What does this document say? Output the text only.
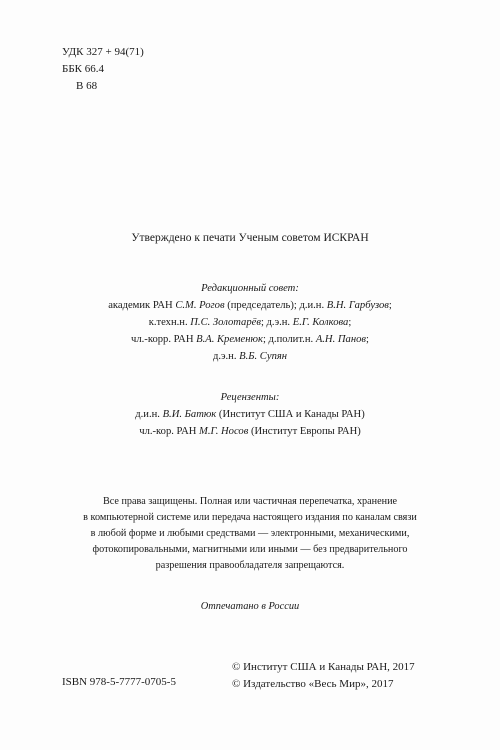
УДК 327 + 94(71)
ББК 66.4
В 68
Утверждено к печати Ученым советом ИСКРАН
Редакционный совет:
академик РАН С.М. Рогов (председатель); д.и.н. В.Н. Гарбузов;
к.техн.н. П.С. Золотарёв; д.э.н. Е.Г. Колкова;
чл.-корр. РАН В.А. Кременюк; д.полит.н. А.Н. Панов;
д.э.н. В.Б. Супян
Рецензенты:
д.и.н. В.И. Батюк (Институт США и Канады РАН)
чл.-кор. РАН М.Г. Носов (Институт Европы РАН)
Все права защищены. Полная или частичная перепечатка, хранение
в компьютерной системе или передача настоящего издания по каналам связи
в любой форме и любыми средствами — электронными, механическими,
фотокопировальными, магнитными или иными — без предварительного
разрешения правообладателя запрещаются.
Отпечатано в России
ISBN 978-5-7777-0705-5
© Институт США и Канады РАН, 2017
© Издательство «Весь Мир», 2017
